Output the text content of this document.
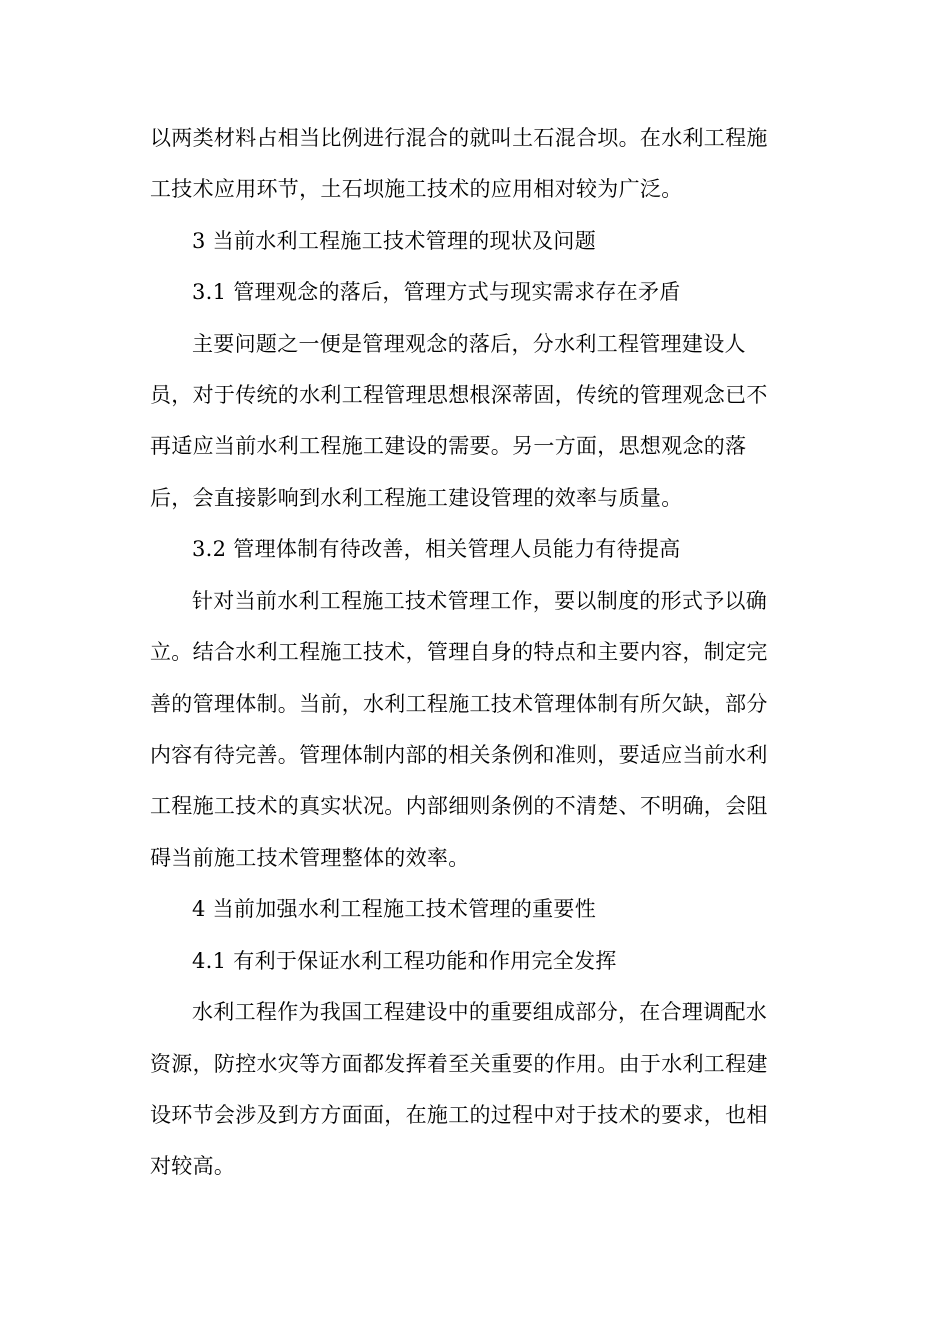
以两类材料占相当比例进行混合的就叫土石混合坝。在水利工程施
工技术应用环节，土石坝施工技术的应用相对较为广泛。
3 当前水利工程施工技术管理的现状及问题
3.1 管理观念的落后，管理方式与现实需求存在矛盾
主要问题之一便是管理观念的落后，分水利工程管理建设人
员，对于传统的水利工程管理思想根深蒂固，传统的管理观念已不
再适应当前水利工程施工建设的需要。另一方面，思想观念的落
后，会直接影响到水利工程施工建设管理的效率与质量。
3.2 管理体制有待改善，相关管理人员能力有待提高
针对当前水利工程施工技术管理工作，要以制度的形式予以确
立。结合水利工程施工技术，管理自身的特点和主要内容，制定完
善的管理体制。当前，水利工程施工技术管理体制有所欠缺，部分
内容有待完善。管理体制内部的相关条例和准则，要适应当前水利
工程施工技术的真实状况。内部细则条例的不清楚、不明确，会阻
碍当前施工技术管理整体的效率。
4 当前加强水利工程施工技术管理的重要性
4.1 有利于保证水利工程功能和作用完全发挥
水利工程作为我国工程建设中的重要组成部分，在合理调配水
资源，防控水灾等方面都发挥着至关重要的作用。由于水利工程建
设环节会涉及到方方面面，在施工的过程中对于技术的要求，也相
对较高。
